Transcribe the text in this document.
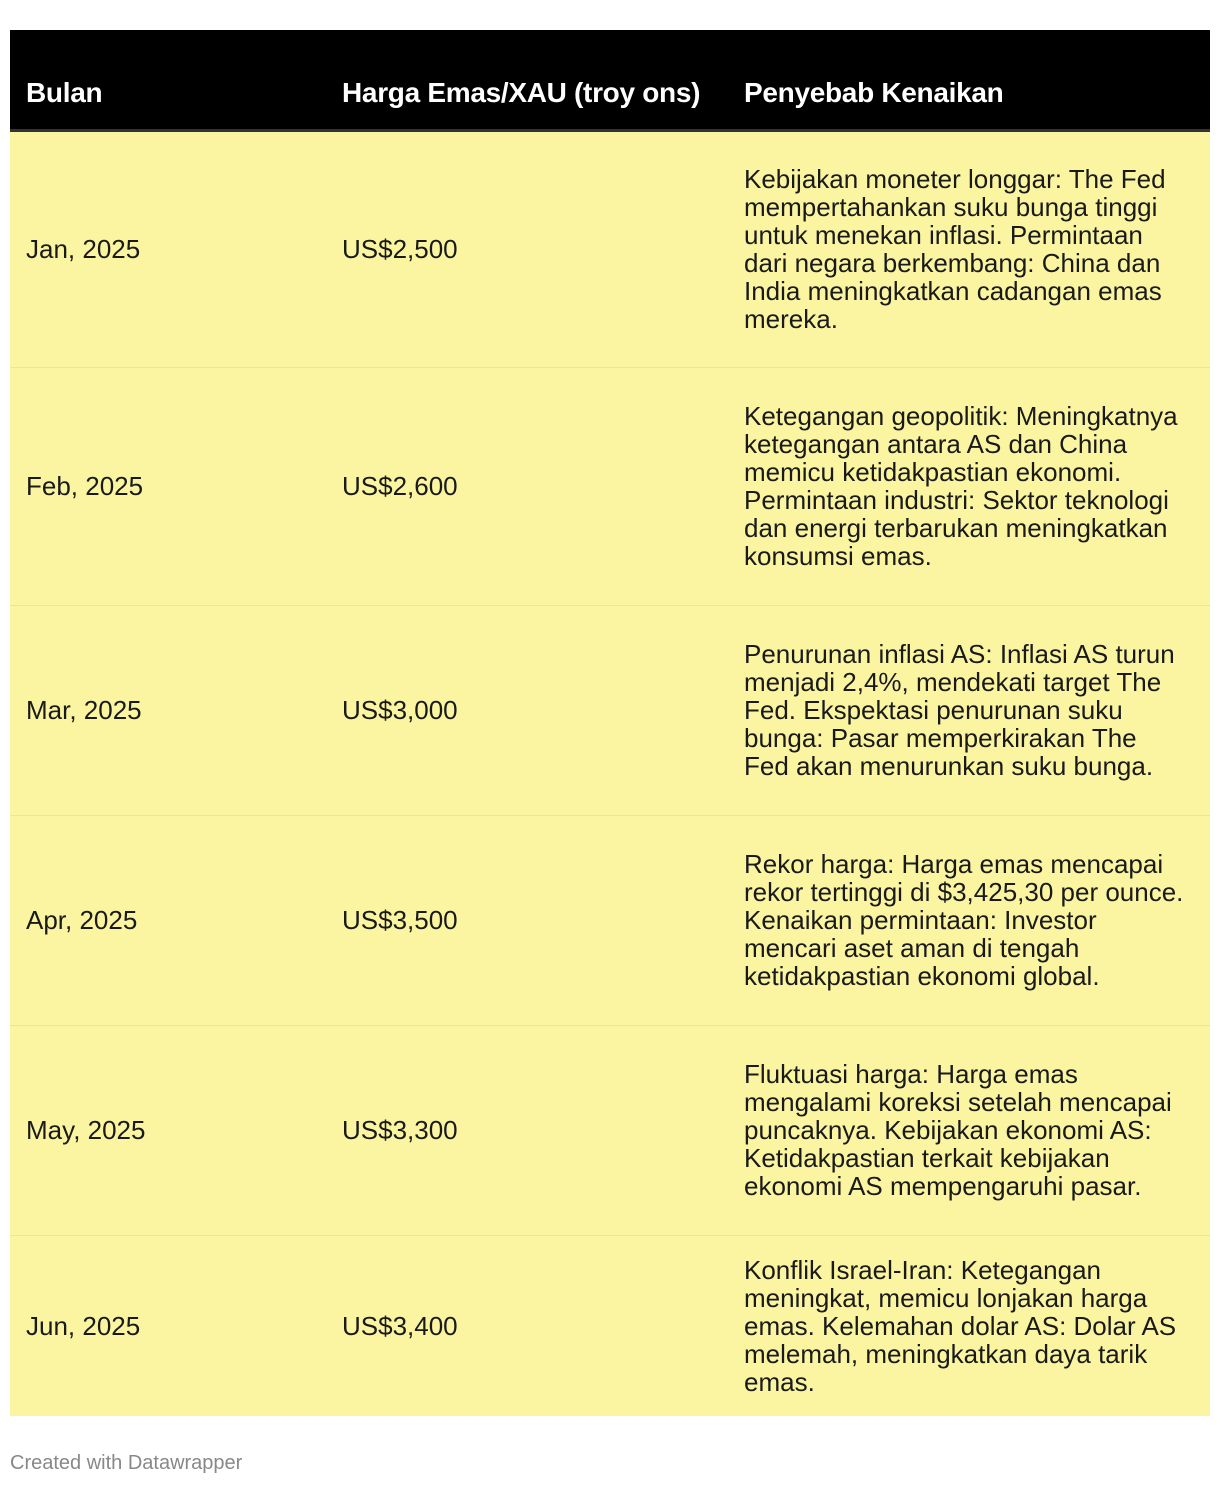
Bulan	Harga Emas/XAU (troy ons)	Penyebab Kenaikan
Jan, 2025	US$2,500	Kebijakan moneter longgar: The Fed mempertahankan suku bunga tinggi untuk menekan inflasi. Permintaan dari negara berkembang: China dan India meningkatkan cadangan emas mereka.
Feb, 2025	US$2,600	Ketegangan geopolitik: Meningkatnya ketegangan antara AS dan China memicu ketidakpastian ekonomi. Permintaan industri: Sektor teknologi dan energi terbarukan meningkatkan konsumsi emas.
Mar, 2025	US$3,000	Penurunan inflasi AS: Inflasi AS turun menjadi 2,4%, mendekati target The Fed. Ekspektasi penurunan suku bunga: Pasar memperkirakan The Fed akan menurunkan suku bunga.
Apr, 2025	US$3,500	Rekor harga: Harga emas mencapai rekor tertinggi di $3,425,30 per ounce. Kenaikan permintaan: Investor mencari aset aman di tengah ketidakpastian ekonomi global.
May, 2025	US$3,300	Fluktuasi harga: Harga emas mengalami koreksi setelah mencapai puncaknya. Kebijakan ekonomi AS: Ketidakpastian terkait kebijakan ekonomi AS mempengaruhi pasar.
Jun, 2025	US$3,400	Konflik Israel-Iran: Ketegangan meningkat, memicu lonjakan harga emas. Kelemahan dolar AS: Dolar AS melemah, meningkatkan daya tarik emas.
Created with Datawrapper
